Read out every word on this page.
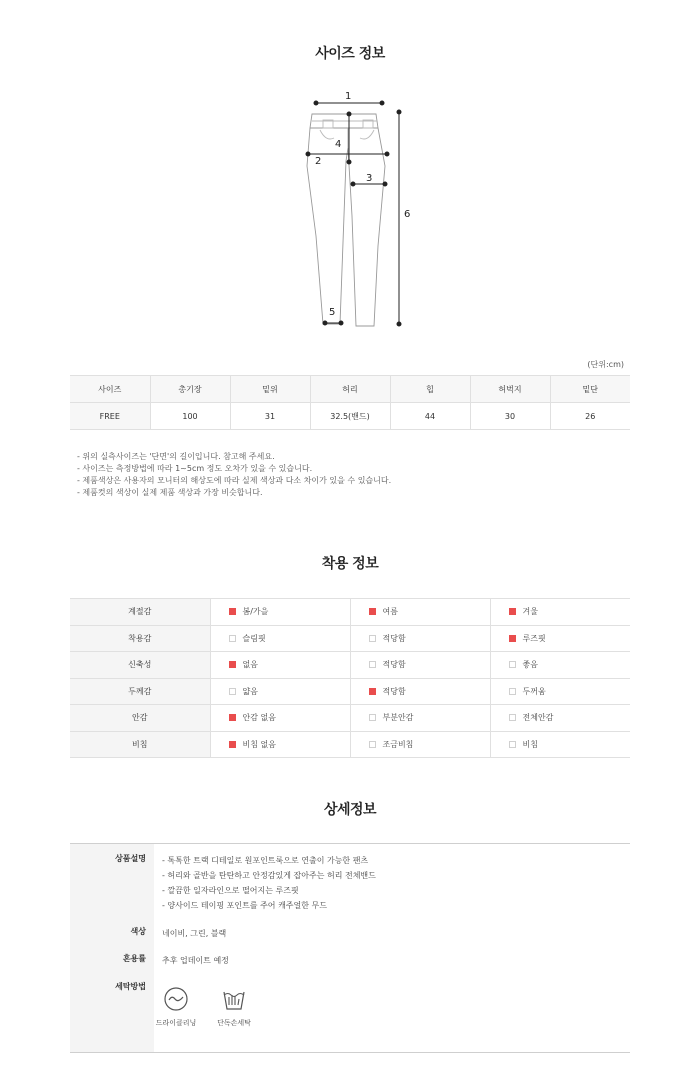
사이즈 정보
1
2
3
4
5
6
(단위:cm)
사이즈	총기장	밑위	허리	힙	허벅지	밑단
FREE	100	31	32.5(밴드)	44	30	26
- 위의 실측사이즈는 '단면'의 길이입니다. 참고해 주세요.
- 사이즈는 측정방법에 따라 1~5cm 정도 오차가 있을 수 있습니다.
- 제품색상은 사용자의 모니터의 해상도에 따라 실제 색상과 다소 차이가 있을 수 있습니다.
- 제품컷의 색상이 실제 제품 색상과 가장 비슷합니다.
착용 정보
계절감	봄/가을	여름	겨울
착용감	슬림핏	적당함	루즈핏
신축성	없음	적당함	좋음
두께감	얇음	적당함	두꺼움
안감	안감 없음	부분안감	전체안감
비침	비침 없음	조금비침	비침
상세정보
상품설명 - 톡톡한 트랙 디테일로 원포인트룩으로 연출이 가능한 팬츠
- 허리와 골반을 탄탄하고 안정감있게 잡아주는 허리 전체밴드
- 깔끔한 일자라인으로 떨어지는 루즈핏
- 양사이드 테이핑 포인트를 주어 캐주얼한 무드
색상 네이비, 그린, 블랙
혼용률 추후 업데이트 예정
세탁방법
드라이클리닝	단독손세탁
